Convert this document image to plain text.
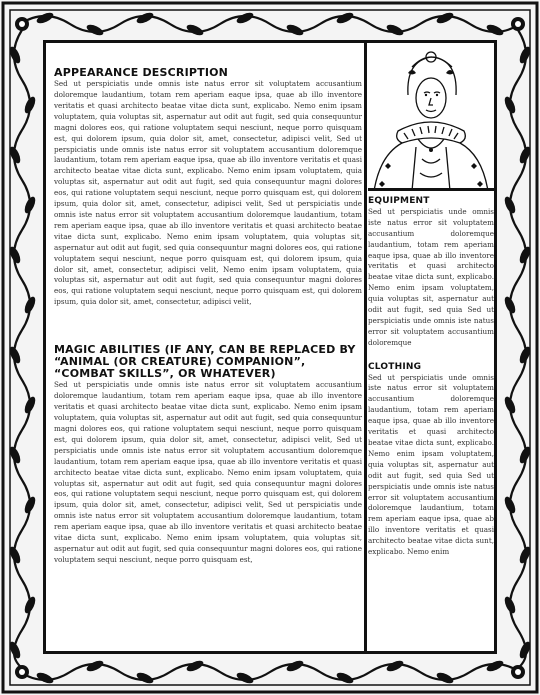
APPEARANCE DESCRIPTION

Sed ut perspiciatis unde omnis iste natus error sit voluptatem accusantium doloremque laudantium, totam rem aperiam eaque ipsa, quae ab illo inventore veritatis et quasi architecto beatae vitae dicta sunt, explicabo. Nemo enim ipsam voluptatem, quia voluptas sit, aspernatur aut odit aut fugit, sed quia consequuntur magni dolores eos, qui ratione voluptatem sequi nesciunt, neque porro quisquam est, qui dolorem ipsum, quia dolor sit, amet, consectetur, adipisci velit, Sed ut perspiciatis unde omnis iste natus error sit voluptatem accusantium doloremque laudantium, totam rem aperiam eaque ipsa, quae ab illo inventore veritatis et quasi architecto beatae vitae dicta sunt, explicabo. Nemo enim ipsam voluptatem, quia voluptas sit, aspernatur aut odit aut fugit, sed quia consequuntur magni dolores eos, qui ratione voluptatem sequi nesciunt, neque porro quisquam est, qui dolorem ipsum, quia dolor sit, amet, consectetur, adipisci velit, Sed ut perspiciatis unde omnis iste natus error sit voluptatem accusantium doloremque laudantium, totam rem aperiam eaque ipsa, quae ab illo inventore veritatis et quasi architecto beatae vitae dicta sunt, explicabo. Nemo enim ipsam voluptatem, quia voluptas sit, aspernatur aut odit aut fugit, sed quia consequuntur magni dolores eos, qui ratione voluptatem sequi nesciunt, neque porro quisquam est, qui dolorem ipsum, quia dolor sit, amet, consectetur, adipisci velit, Nemo enim ipsam voluptatem, quia voluptas sit, aspernatur aut odit aut fugit, sed quia consequuntur magni dolores eos, qui ratione voluptatem sequi nesciunt, neque porro quisquam est, qui dolorem ipsum, quia dolor sit, amet, consectetur, adipisci velit,

MAGIC ABILITIES (IF ANY, CAN BE REPLACED BY “ANIMAL (OR CREATURE) COMPANION”, “COMBAT SKILLS”, OR WHATEVER)

Sed ut perspiciatis unde omnis iste natus error sit voluptatem accusantium doloremque laudantium, totam rem aperiam eaque ipsa, quae ab illo inventore veritatis et quasi architecto beatae vitae dicta sunt, explicabo. Nemo enim ipsam voluptatem, quia voluptas sit, aspernatur aut odit aut fugit, sed quia consequuntur magni dolores eos, qui ratione voluptatem sequi nesciunt, neque porro quisquam est, qui dolorem ipsum, quia dolor sit, amet, consectetur, adipisci velit, Sed ut perspiciatis unde omnis iste natus error sit voluptatem accusantium doloremque laudantium, totam rem aperiam eaque ipsa, quae ab illo inventore veritatis et quasi architecto beatae vitae dicta sunt, explicabo. Nemo enim ipsam voluptatem, quia voluptas sit, aspernatur aut odit aut fugit, sed quia consequuntur magni dolores eos, qui ratione voluptatem sequi nesciunt, neque porro quisquam est, qui dolorem ipsum, quia dolor sit, amet, consectetur, adipisci velit, Sed ut perspiciatis unde omnis iste natus error sit voluptatem accusantium doloremque laudantium, totam rem aperiam eaque ipsa, quae ab illo inventore veritatis et quasi architecto beatae vitae dicta sunt, explicabo. Nemo enim ipsam voluptatem, quia voluptas sit, aspernatur aut odit aut fugit, sed quia consequuntur magni dolores eos, qui ratione voluptatem sequi nesciunt, neque porro quisquam est,

EQUIPMENT

Sed ut perspiciatis unde omnis iste natus error sit voluptatem accusantium doloremque laudantium, totam rem aperiam eaque ipsa, quae ab illo inventore veritatis et quasi architecto beatae vitae dicta sunt, explicabo. Nemo enim ipsam voluptatem, quia voluptas sit, aspernatur aut odit aut fugit, sed quia Sed ut perspiciatis unde omnis iste natus error sit voluptatem accusantium doloremque

CLOTHING

Sed ut perspiciatis unde omnis iste natus error sit voluptatem accusantium doloremque laudantium, totam rem aperiam eaque ipsa, quae ab illo inventore veritatis et quasi architecto beatae vitae dicta sunt, explicabo. Nemo enim ipsam voluptatem, quia voluptas sit, aspernatur aut odit aut fugit, sed quia Sed ut perspiciatis unde omnis iste natus error sit voluptatem accusantium doloremque laudantium, totam rem aperiam eaque ipsa, quae ab illo inventore veritatis et quasi architecto beatae vitae dicta sunt, explicabo. Nemo enim
